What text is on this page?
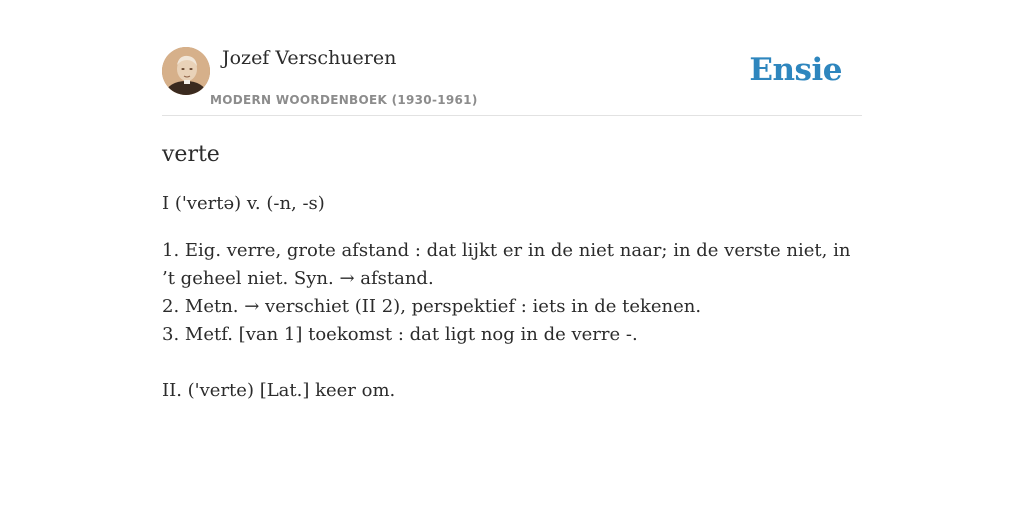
Jozef Verschueren
MODERN WOORDENBOEK (1930-1961)
Ensie
verte

I ('vertə) v. (-n, -s)

1. Eig. verre, grote afstand : dat lijkt er in de niet naar; in de verste niet, in ’t geheel niet. Syn. → afstand.

2. Metn. → verschiet (II 2), perspektief : iets in de tekenen.

3. Metf. [van 1] toekomst : dat ligt nog in de verre -.

II. ('verte) [Lat.] keer om.
